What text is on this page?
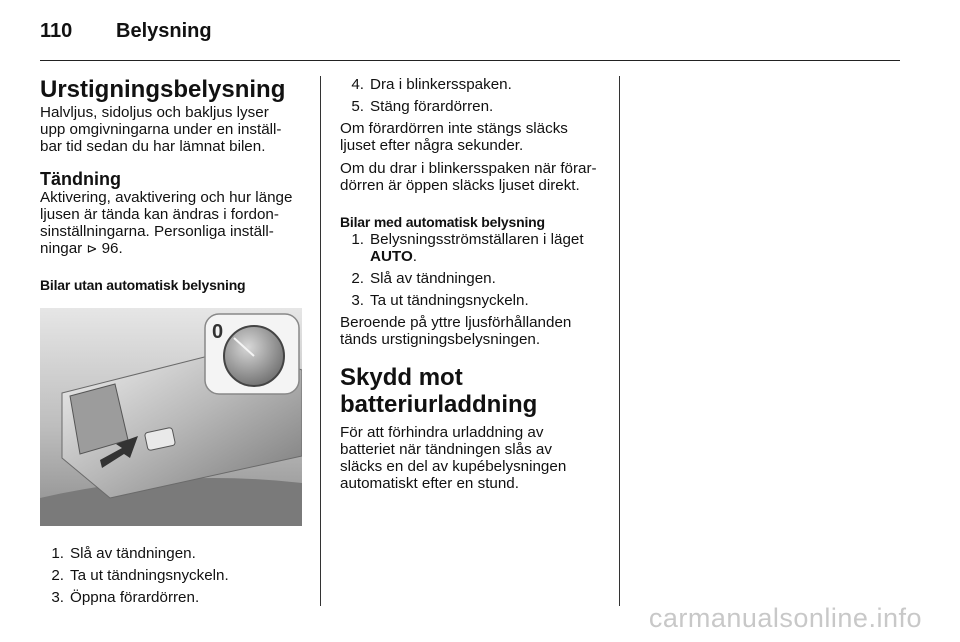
110 Belysning
Urstigningsbelysning

Halvljus, sidoljus och bakljus lyser
upp omgivningarna under en inställ-
bar tid sedan du har lämnat bilen.

Tändning

Aktivering, avaktivering och hur länge
ljusen är tända kan ändras i fordon-
sinställningarna. Personliga inställ-
ningar ⊳ 96.

Bilar utan automatisk belysning
0
1. Slå av tändningen.
2. Ta ut tändningsnyckeln.
3. Öppna förardörren.
4. Dra i blinkersspaken.
5. Stäng förardörren.

Om förardörren inte stängs släcks
ljuset efter några sekunder.

Om du drar i blinkersspaken när förar-
dörren är öppen släcks ljuset direkt.

Bilar med automatisk belysning
1. Belysningsströmställaren i läget
AUTO.
2. Slå av tändningen.
3. Ta ut tändningsnyckeln.

Beroende på yttre ljusförhållanden
tänds urstigningsbelysningen.

Skydd mot
batteriurladdning

För att förhindra urladdning av
batteriet när tändningen slås av
släcks en del av kupébelysningen
automatiskt efter en stund.

carmanualsonline.info
